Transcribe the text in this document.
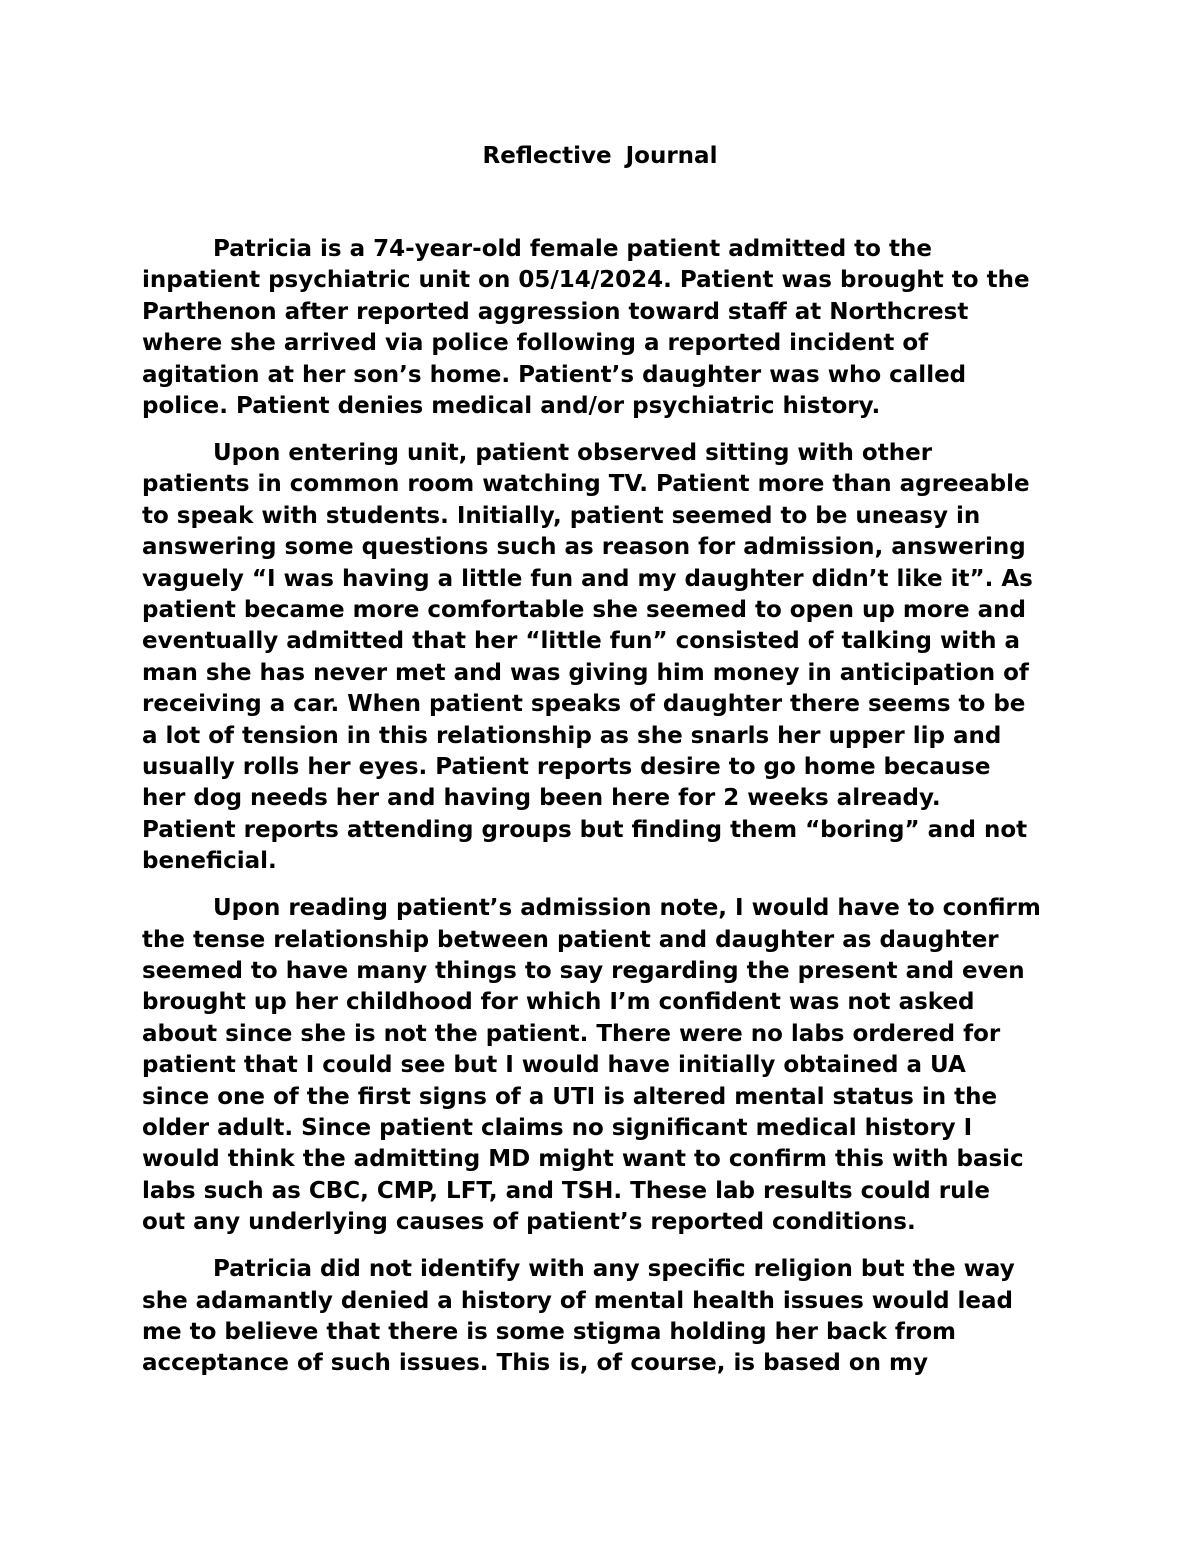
Reflective Journal

Patricia is a 74-year-old female patient admitted to the
inpatient psychiatric unit on 05/14/2024. Patient was brought to the
Parthenon after reported aggression toward staff at Northcrest
where she arrived via police following a reported incident of
agitation at her son’s home. Patient’s daughter was who called
police. Patient denies medical and/or psychiatric history.

Upon entering unit, patient observed sitting with other
patients in common room watching TV. Patient more than agreeable
to speak with students. Initially, patient seemed to be uneasy in
answering some questions such as reason for admission, answering
vaguely “I was having a little fun and my daughter didn’t like it”. As
patient became more comfortable she seemed to open up more and
eventually admitted that her “little fun” consisted of talking with a
man she has never met and was giving him money in anticipation of
receiving a car. When patient speaks of daughter there seems to be
a lot of tension in this relationship as she snarls her upper lip and
usually rolls her eyes. Patient reports desire to go home because
her dog needs her and having been here for 2 weeks already.
Patient reports attending groups but finding them “boring” and not
beneficial.

Upon reading patient’s admission note, I would have to confirm
the tense relationship between patient and daughter as daughter
seemed to have many things to say regarding the present and even
brought up her childhood for which I’m confident was not asked
about since she is not the patient. There were no labs ordered for
patient that I could see but I would have initially obtained a UA
since one of the first signs of a UTI is altered mental status in the
older adult. Since patient claims no significant medical history I
would think the admitting MD might want to confirm this with basic
labs such as CBC, CMP, LFT, and TSH. These lab results could rule
out any underlying causes of patient’s reported conditions.

Patricia did not identify with any specific religion but the way
she adamantly denied a history of mental health issues would lead
me to believe that there is some stigma holding her back from
acceptance of such issues. This is, of course, is based on my
